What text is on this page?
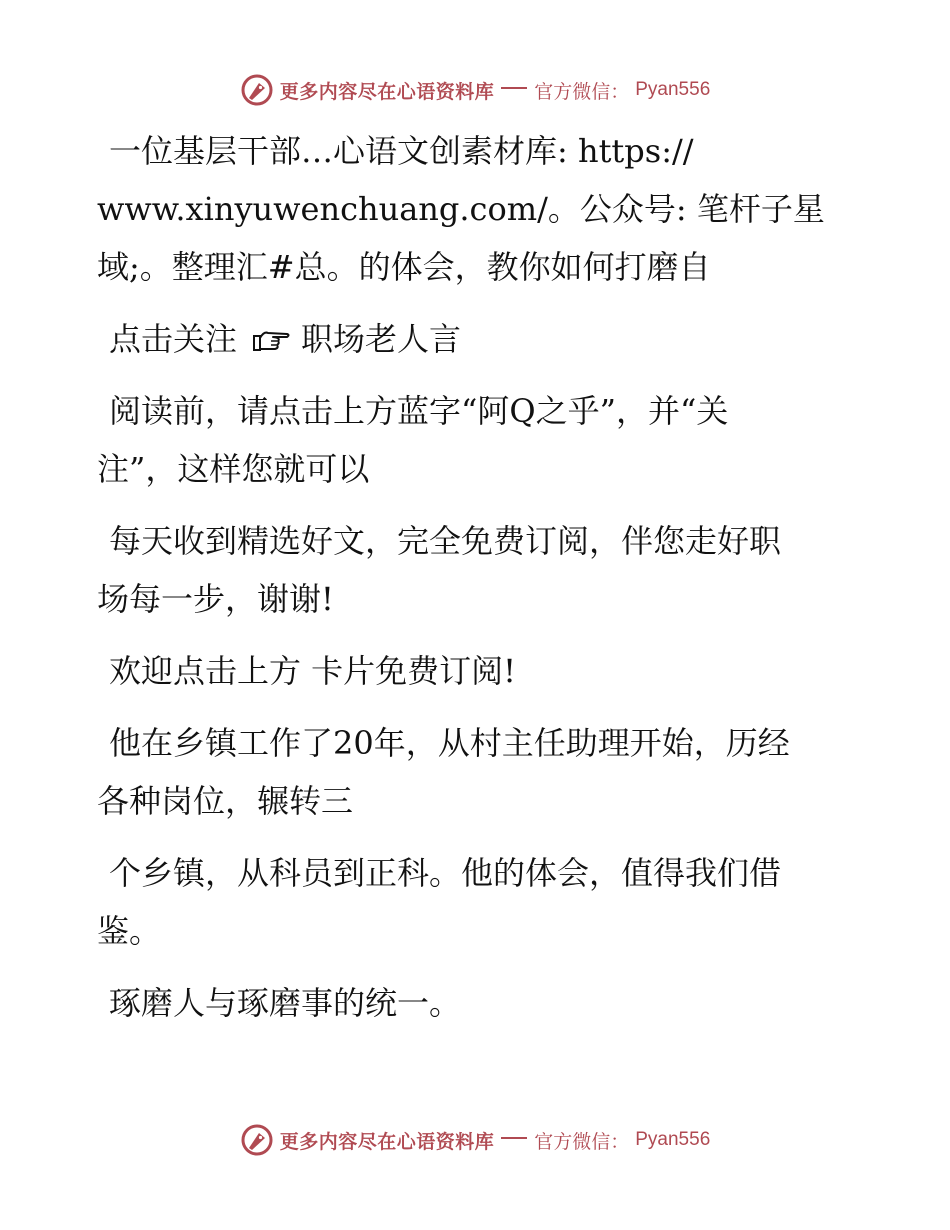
更多内容尽在心语资料库 官方微信： Pyan556

一位基层干部…心语文创素材库: https://

www.xinyuwenchuang.com/。公众号: 笔杆子星

域;。整理汇#总。的体会，教你如何打磨自

点击关注 职场老人言

阅读前，请点击上方蓝字“阿Q之乎”，并“关

注”，这样您就可以

每天收到精选好文，完全免费订阅，伴您走好职

场每一步，谢谢!

欢迎点击上方 卡片免费订阅!

他在乡镇工作了20年，从村主任助理开始，历经

各种岗位，辗转三

个乡镇，从科员到正科。他的体会，值得我们借

鉴。

琢磨人与琢磨事的统一。

更多内容尽在心语资料库 官方微信： Pyan556
